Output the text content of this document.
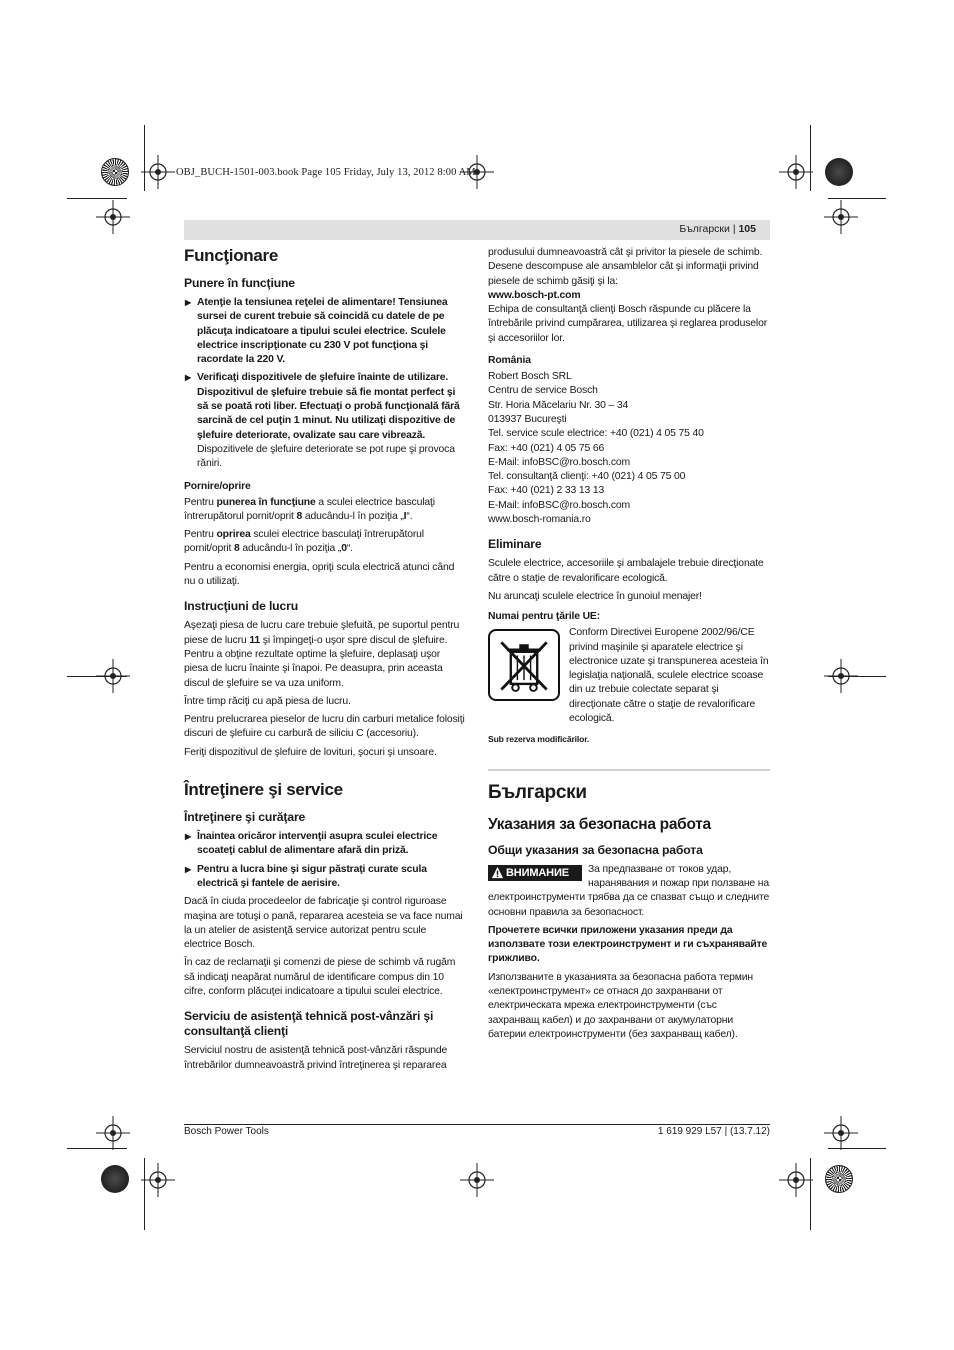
OBJ_BUCH-1501-003.book Page 105 Friday, July 13, 2012 8:00 AM
Български | 105
Funcţionare
Punere în funcţiune
▶ Atenţie la tensiunea reţelei de alimentare! Tensiunea sursei de curent trebuie să coincidă cu datele de pe plăcuţa indicatoare a tipului sculei electrice. Sculele electrice inscripţionate cu 230 V pot funcţiona şi racordate la 220 V.
▶ Verificaţi dispozitivele de şlefuire înainte de utilizare. Dispozitivul de şlefuire trebuie să fie montat perfect şi să se poată roti liber. Efectuaţi o probă funcţională fără sarcină de cel puţin 1 minut. Nu utilizaţi dispozitive de şlefuire deteriorate, ovalizate sau care vibrează. Dispozitivele de şlefuire deteriorate se pot rupe şi provoca răniri.
Pornire/oprire

Pentru punerea în funcţiune a sculei electrice basculaţi întrerupătorul pornit/oprit 8 aducându-l în poziţia „I“.

Pentru oprirea sculei electrice basculaţi întrerupătorul pornit/oprit 8 aducându-l în poziţia „0“.

Pentru a economisi energia, opriţi scula electrică atunci când nu o utilizaţi.

Instrucţiuni de lucru

Aşezaţi piesa de lucru care trebuie şlefuită, pe suportul pentru piese de lucru 11 şi împingeţi-o uşor spre discul de şlefuire. Pentru a obţine rezultate optime la şlefuire, deplasaţi uşor piesa de lucru înainte şi înapoi. Pe deasupra, prin aceasta discul de şlefuire se va uza uniform.

Între timp răciţi cu apă piesa de lucru.

Pentru prelucrarea pieselor de lucru din carburi metalice folosiţi discuri de şlefuire cu carbură de siliciu C (accesoriu).

Feriţi dispozitivul de şlefuire de lovituri, şocuri şi unsoare.

Întreţinere şi service
Întreţinere şi curăţare
▶ Înaintea oricăror intervenţii asupra sculei electrice scoateţi cablul de alimentare afară din priză.
▶ Pentru a lucra bine şi sigur păstraţi curate scula electrică şi fantele de aerisire.

Dacă în ciuda procedeelor de fabricaţie şi control riguroase maşina are totuşi o pană, repararea acesteia se va face numai la un atelier de asistenţă service autorizat pentru scule electrice Bosch.

În caz de reclamaţii şi comenzi de piese de schimb vă rugăm să indicaţi neapărat numărul de identificare compus din 10 cifre, conform plăcuţei indicatoare a tipului sculei electrice.

Serviciu de asistenţă tehnică post-vânzări şi consultanţă clienţi

Serviciul nostru de asistenţă tehnică post-vânzări răspunde întrebărilor dumneavoastră privind întreţinerea şi repararea

produsului dumneavoastră cât şi privitor la piesele de schimb. Desene descompuse ale ansamblelor cât şi informaţii privind piesele de schimb găsiţi şi la:

www.bosch-pt.com

Echipa de consultanţă clienţi Bosch răspunde cu plăcere la întrebările privind cumpărarea, utilizarea şi reglarea produselor şi accesoriilor lor.

România

Robert Bosch SRL

Centru de service Bosch

Str. Horia Măcelariu Nr. 30 – 34

013937 Bucureşti

Tel. service scule electrice: +40 (021) 4 05 75 40

Fax: +40 (021) 4 05 75 66

E-Mail: infoBSC@ro.bosch.com

Tel. consultanţă clienţi: +40 (021) 4 05 75 00

Fax: +40 (021) 2 33 13 13

E-Mail: infoBSC@ro.bosch.com

www.bosch-romania.ro

Eliminare

Sculele electrice, accesoriile şi ambalajele trebuie direcţionate către o staţie de revalorificare ecologică.

Nu aruncaţi sculele electrice în gunoiul menajer!

Numai pentru ţările UE:

Conform Directivei Europene 2002/96/CE privind maşinile şi aparatele electrice şi electronice uzate şi transpunerea acesteia în legislaţia naţională, sculele electrice scoase din uz trebuie colectate separat şi direcţionate către o staţie de revalorificare ecologică.

Sub rezerva modificărilor.

Български
Указания за безопасна работа
Общи указания за безопасна работа
ВНИМАНИЕ	За предпазване от токов удар, наранявания и пожар при ползване на електроинструменти трябва да се спазват също и следните основни правила за безопасност.

Прочетете всички приложени указания преди да използвате този електроинструмент и ги съхранявайте грижливо.

Използваните в указанията за безопасна работа термин «електроинструмент» се отнася до захранвани от електрическата мрежа електроинструменти (със захранващ кабел) и до захранвани от акумулаторни батерии електроинструменти (без захранващ кабел).

Bosch Power Tools	1 619 929 L57 | (13.7.12)
